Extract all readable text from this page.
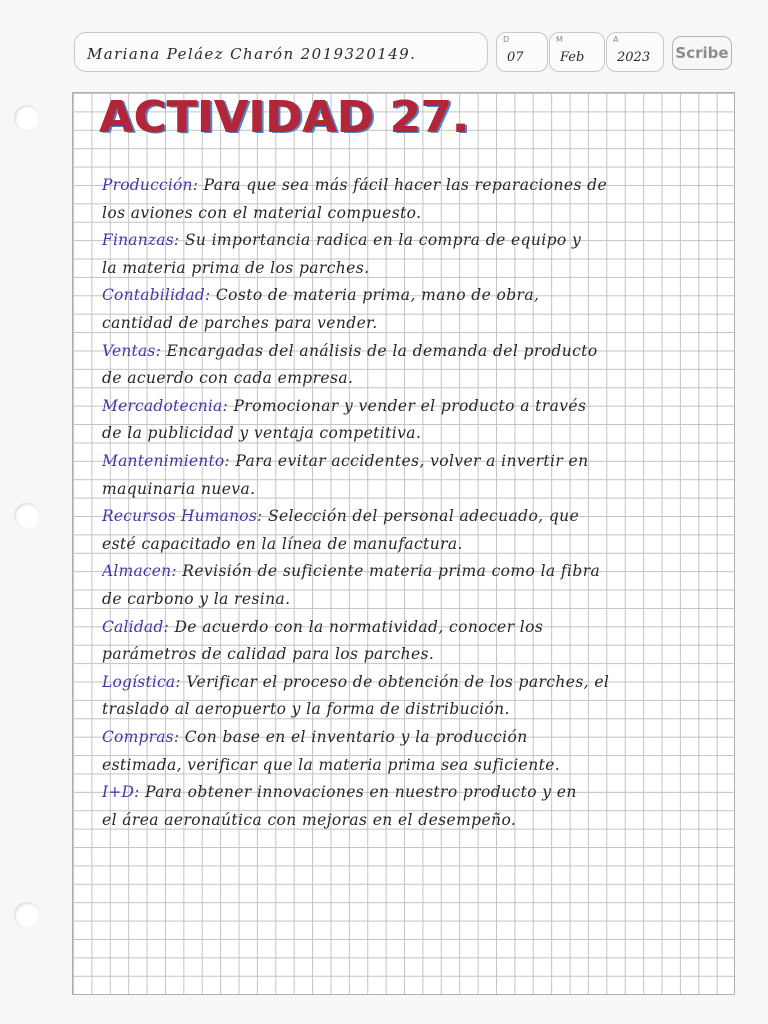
Mariana Peláez Charón 2019320149.
D
07
M
Feb
A
2023 Scribe
ACTIVIDAD 27.
Producción: Para que sea más fácil hacer las reparaciones de
los aviones con el material compuesto.
Finanzas: Su importancia radica en la compra de equipo y
la materia prima de los parches.
Contabilidad: Costo de materia prima, mano de obra,
cantidad de parches para vender.
Ventas: Encargadas del análisis de la demanda del producto
de acuerdo con cada empresa.
Mercadotecnia: Promocionar y vender el producto a través
de la publicidad y ventaja competitiva.
Mantenimiento: Para evitar accidentes, volver a invertir en
maquinaria nueva.
Recursos Humanos: Selección del personal adecuado, que
esté capacitado en la línea de manufactura.
Almacen: Revisión de suficiente materia prima como la fibra
de carbono y la resina.
Calidad: De acuerdo con la normatividad, conocer los
parámetros de calidad para los parches.
Logística: Verificar el proceso de obtención de los parches, el
traslado al aeropuerto y la forma de distribución.
Compras: Con base en el inventario y la producción
estimada, verificar que la materia prima sea suficiente.
I+D: Para obtener innovaciones en nuestro producto y en
el área aeronaútica con mejoras en el desempeño.
